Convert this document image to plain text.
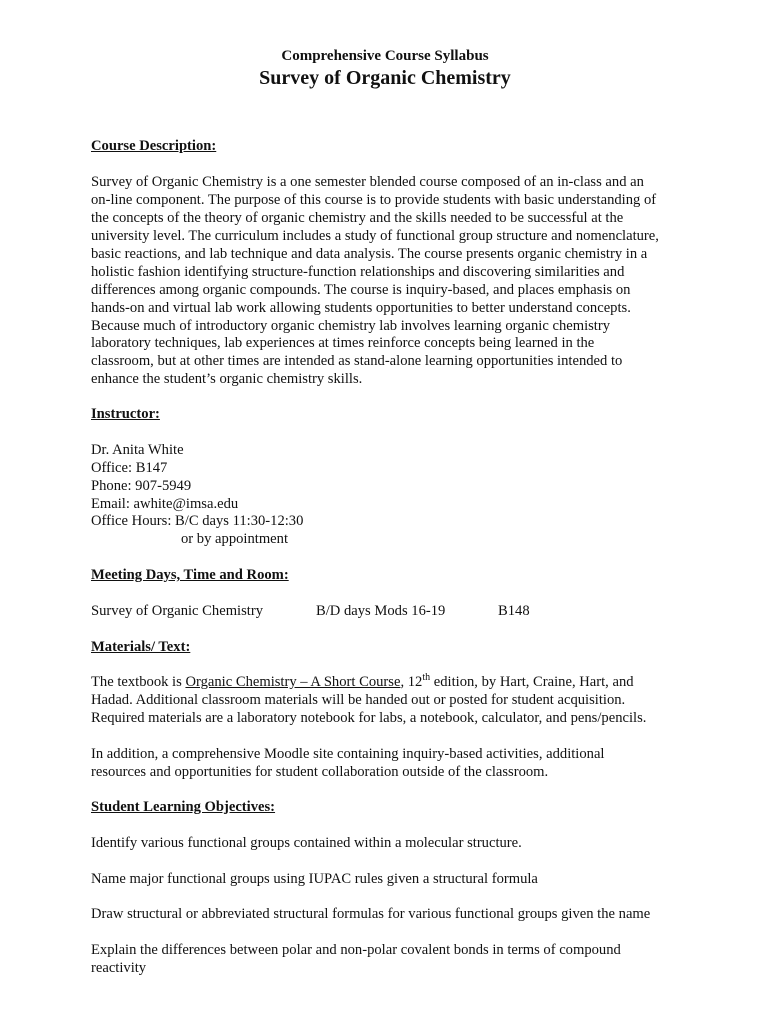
Comprehensive Course Syllabus
Survey of Organic Chemistry
Course Description:
Survey of Organic Chemistry is a one semester blended course composed of an in-class and an
on-line component. The purpose of this course is to provide students with basic understanding of
the concepts of the theory of organic chemistry and the skills needed to be successful at the
university level. The curriculum includes a study of functional group structure and nomenclature,
basic reactions, and lab technique and data analysis. The course presents organic chemistry in a
holistic fashion identifying structure-function relationships and discovering similarities and
differences among organic compounds. The course is inquiry-based, and places emphasis on
hands-on and virtual lab work allowing students opportunities to better understand concepts.
Because much of introductory organic chemistry lab involves learning organic chemistry
laboratory techniques, lab experiences at times reinforce concepts being learned in the
classroom, but at other times are intended as stand-alone learning opportunities intended to
enhance the student’s organic chemistry skills.
Instructor:
Dr. Anita White
Office: B147
Phone: 907-5949
Email: awhite@imsa.edu
Office Hours: B/C days 11:30-12:30
or by appointment
Meeting Days, Time and Room:
Survey of Organic Chemistry	B/D days Mods 16-19	B148
Materials/ Text:
The textbook is Organic Chemistry – A Short Course, 12th edition, by Hart, Craine, Hart, and
Hadad. Additional classroom materials will be handed out or posted for student acquisition.
Required materials are a laboratory notebook for labs, a notebook, calculator, and pens/pencils.
In addition, a comprehensive Moodle site containing inquiry-based activities, additional
resources and opportunities for student collaboration outside of the classroom.
Student Learning Objectives:
Identify various functional groups contained within a molecular structure.
Name major functional groups using IUPAC rules given a structural formula
Draw structural or abbreviated structural formulas for various functional groups given the name
Explain the differences between polar and non-polar covalent bonds in terms of compound
reactivity
